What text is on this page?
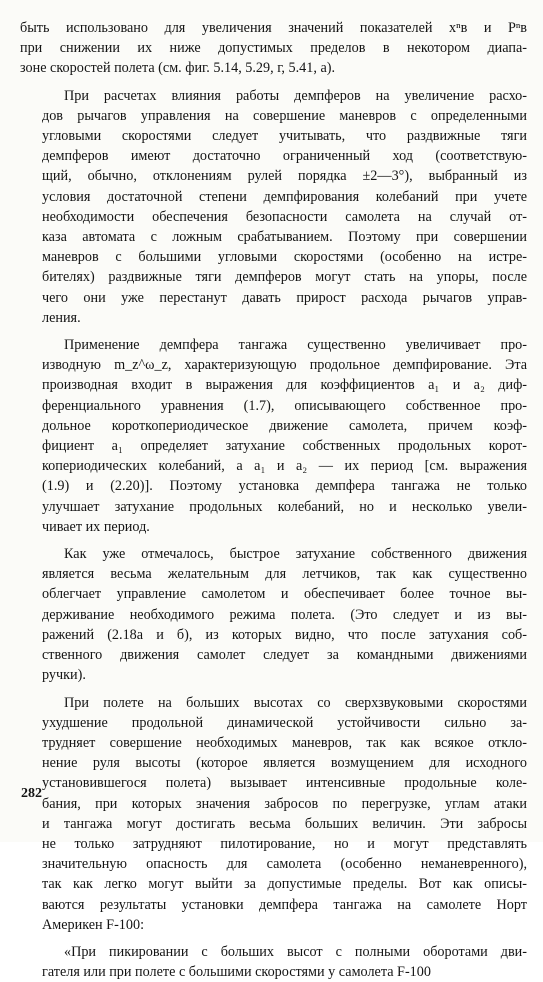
быть использовано для увеличения значений показателей xⁿв и Pⁿв
при снижении их ниже допустимых пределов в некотором диапа-
зоне скоростей полета (см. фиг. 5.14, 5.29, г, 5.41, а).
При расчетах влияния работы демпферов на увеличение расхо-
дов рычагов управления на совершение маневров с определенными
угловыми скоростями следует учитывать, что раздвижные тяги
демпферов имеют достаточно ограниченный ход (соответствую-
щий, обычно, отклонениям рулей порядка ±2—3°), выбранный из
условия достаточной степени демпфирования колебаний при учете
необходимости обеспечения безопасности самолета на случай от-
каза автомата с ложным срабатыванием. Поэтому при совершении
маневров с большими угловыми скоростями (особенно на истре-
бителях) раздвижные тяги демпферов могут стать на упоры, после
чего они уже перестанут давать прирост расхода рычагов управ-
ления.
Применение демпфера тангажа существенно увеличивает про-
изводную m_z^ω_z, характеризующую продольное демпфирование. Эта
производная входит в выражения для коэффициентов a₁ и a₂ диф-
ференциального уравнения (1.7), описывающего собственное про-
дольное короткопериодическое движение самолета, причем коэф-
фициент a₁ определяет затухание собственных продольных корот-
копериодических колебаний, а a₁ и a₂ — их период [см. выражения
(1.9) и (2.20)]. Поэтому установка демпфера тангажа не только
улучшает затухание продольных колебаний, но и несколько увели-
чивает их период.
Как уже отмечалось, быстрое затухание собственного движения
является весьма желательным для летчиков, так как существенно
облегчает управление самолетом и обеспечивает более точное вы-
держивание необходимого режима полета. (Это следует и из вы-
ражений (2.18а и б), из которых видно, что после затухания соб-
ственного движения самолет следует за командными движениями
ручки).
При полете на больших высотах со сверхзвуковыми скоростями
ухудшение продольной динамической устойчивости сильно за-
трудняет совершение необходимых маневров, так как всякое откло-
нение руля высоты (которое является возмущением для исходного
установившегося полета) вызывает интенсивные продольные коле-
бания, при которых значения забросов по перегрузке, углам атаки
и тангажа могут достигать весьма больших величин. Эти забросы
не только затрудняют пилотирование, но и могут представлять
значительную опасность для самолета (особенно неманевренного),
так как легко могут выйти за допустимые пределы. Вот как описы-
ваются результаты установки демпфера тангажа на самолете Норт
Америкен F-100:
«При пикировании с больших высот с полными оборотами дви-
гателя или при полете с большими скоростями у самолета F-100
282
